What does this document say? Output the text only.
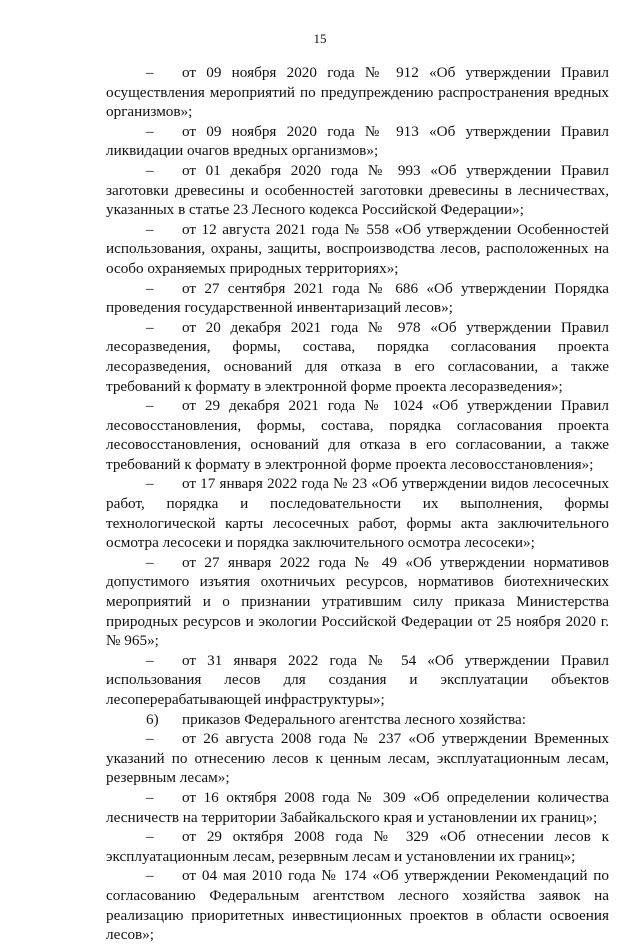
15

– от 09 ноября 2020 года № 912 «Об утверждении Правил осуществления мероприятий по предупреждению распространения вредных организмов»;

– от 09 ноября 2020 года № 913 «Об утверждении Правил ликвидации очагов вредных организмов»;

– от 01 декабря 2020 года № 993 «Об утверждении Правил заготовки древесины и особенностей заготовки древесины в лесничествах, указанных в статье 23 Лесного кодекса Российской Федерации»;

– от 12 августа 2021 года № 558 «Об утверждении Особенностей использования, охраны, защиты, воспроизводства лесов, расположенных на особо охраняемых природных территориях»;

– от 27 сентября 2021 года № 686 «Об утверждении Порядка проведения государственной инвентаризаций лесов»;

– от 20 декабря 2021 года № 978 «Об утверждении Правил лесоразведения, формы, состава, порядка согласования проекта лесоразведения, оснований для отказа в его согласовании, а также требований к формату в электронной форме проекта лесоразведения»;

– от 29 декабря 2021 года № 1024 «Об утверждении Правил лесовосстановления, формы, состава, порядка согласования проекта лесовосстановления, оснований для отказа в его согласовании, а также требований к формату в электронной форме проекта лесовосстановления»;

– от 17 января 2022 года № 23 «Об утверждении видов лесосечных работ, порядка и последовательности их выполнения, формы технологической карты лесосечных работ, формы акта заключительного осмотра лесосеки и порядка заключительного осмотра лесосеки»;

– от 27 января 2022 года № 49 «Об утверждении нормативов допустимого изъятия охотничьих ресурсов, нормативов биотехнических мероприятий и о признании утратившим силу приказа Министерства природных ресурсов и экологии Российской Федерации от 25 ноября 2020 г. № 965»;

– от 31 января 2022 года № 54 «Об утверждении Правил использования лесов для создания и эксплуатации объектов лесоперерабатывающей инфраструктуры»;

6) приказов Федерального агентства лесного хозяйства:

– от 26 августа 2008 года № 237 «Об утверждении Временных указаний по отнесению лесов к ценным лесам, эксплуатационным лесам, резервным лесам»;

– от 16 октября 2008 года № 309 «Об определении количества лесничеств на территории Забайкальского края и установлении их границ»;

– от 29 октября 2008 года № 329 «Об отнесении лесов к эксплуатационным лесам, резервным лесам и установлении их границ»;

– от 04 мая 2010 года № 174 «Об утверждении Рекомендаций по согласованию Федеральным агентством лесного хозяйства заявок на реализацию приоритетных инвестиционных проектов в области освоения лесов»;
